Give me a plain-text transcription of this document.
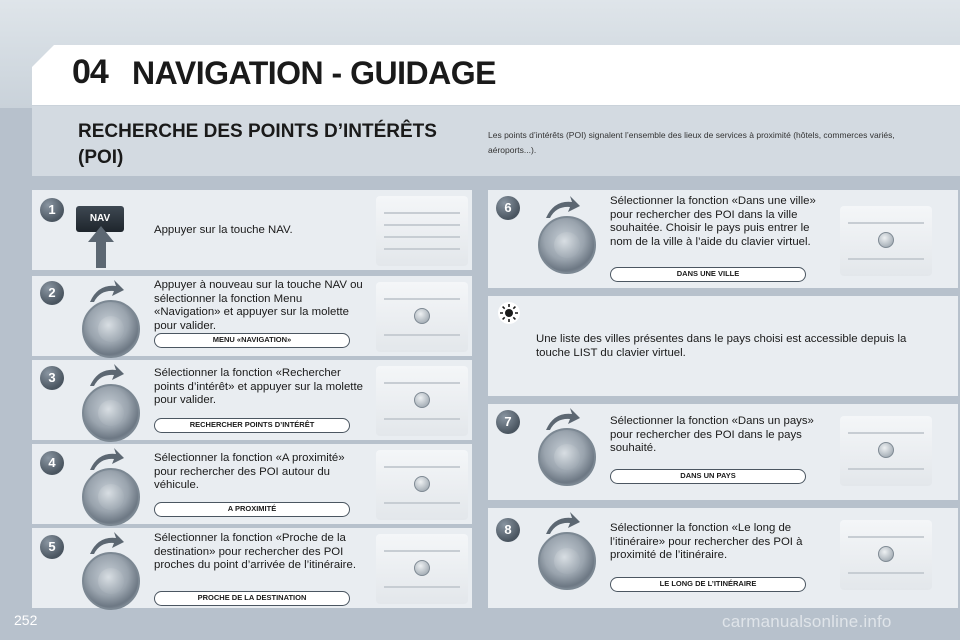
04 NAVIGATION - GUIDAGE
RECHERCHE DES POINTS D’INTÉRÊTS (POI)
Les points d’intérêts (POI) signalent l’ensemble des lieux de services à proximité (hôtels, commerces variés, aéroports...).
1
NAV
Appuyer sur la touche NAV.
2	Appuyer à nouveau sur la touche NAV ou sélectionner la fonction Menu «Navigation» et appuyer sur la molette pour valider.
MENU «NAVIGATION»
3	Sélectionner la fonction «Rechercher points d’intérêt» et appuyer sur la molette pour valider.
RECHERCHER POINTS D’INTÉRÊT
4	Sélectionner la fonction «A proximité» pour rechercher des POI autour du véhicule.
A PROXIMITÉ
5
Sélectionner la fonction «Proche de la destination» pour rechercher des POI proches du point d’arrivée de l’itinéraire.
PROCHE DE LA DESTINATION
6	Sélectionner la fonction «Dans une ville» pour rechercher des POI dans la ville souhaitée. Choisir le pays puis entrer le nom de la ville à l’aide du clavier virtuel.
DANS UNE VILLE
Une liste des villes présentes dans le pays choisi est accessible depuis la touche LIST du clavier virtuel.
7	Sélectionner la fonction «Dans un pays» pour rechercher des POI dans le pays souhaité.
DANS UN PAYS
8	Sélectionner la fonction «Le long de l’itinéraire» pour rechercher des POI à proximité de l’itinéraire.
LE LONG DE L’ITINÉRAIRE
252	carmanualsonline.info
